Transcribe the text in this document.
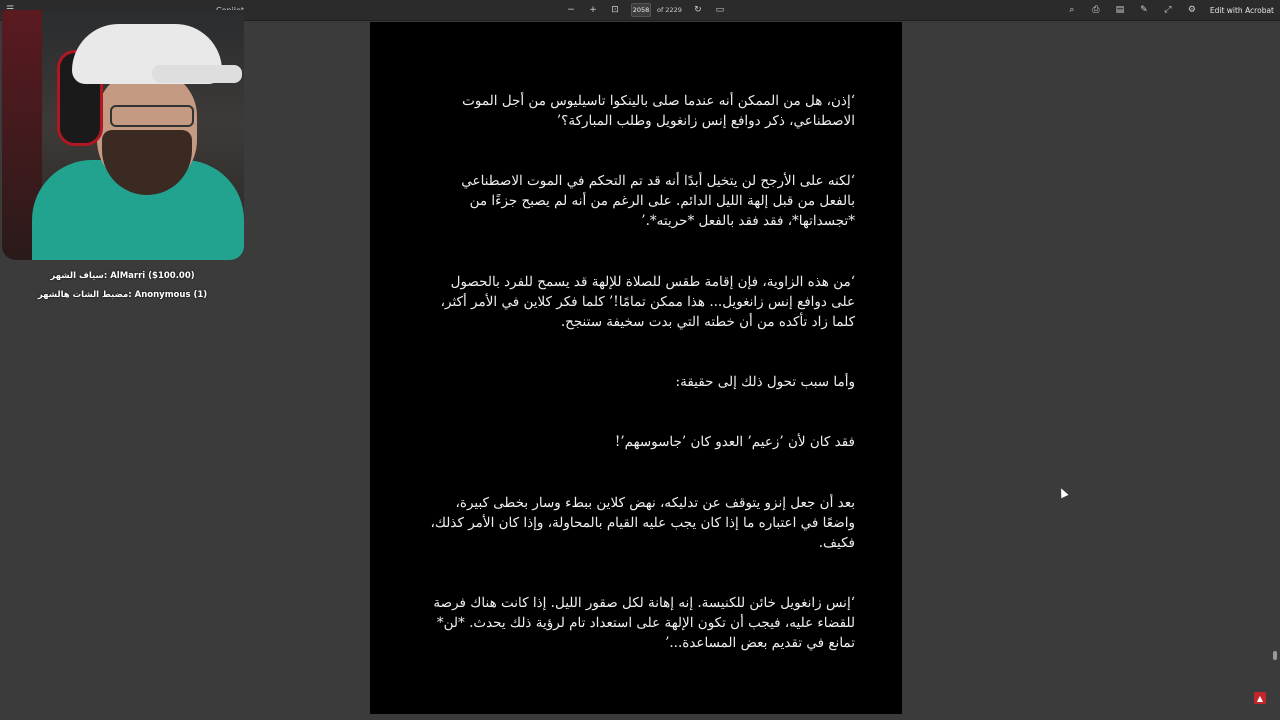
− + ⊡	2058 of 2229 ↻ ▭	⌕	⎙ ▤ ✎ ⤢ ⚙ Edit with Acrobat
سياف الشهر: AlMarri ($100.00)
مضبط الشات هالشهر: Anonymous (1)
‘إذن، هل من الممكن أنه عندما صلى بالينكوا تاسيليوس من أجل الموت الاصطناعي، ذكر دوافع إنس زانغويل وطلب المباركة؟’
‘لكنه على الأرجح لن يتخيل أبدًا أنه قد تم التحكم في الموت الاصطناعي بالفعل من قبل إلهة الليل الدائم. على الرغم من أنه لم يصبح جزءًا من *تجسداتها*، فقد فقد بالفعل *حريته*.’
‘من هذه الزاوية، فإن إقامة طقس للصلاة للإلهة قد يسمح للفرد بالحصول على دوافع إنس زانغويل... هذا ممكن تمامًا!’ كلما فكر كلاين في الأمر أكثر، كلما زاد تأكده من أن خطته التي بدت سخيفة ستنجح.
وأما سبب تحول ذلك إلى حقيقة:
فقد كان لأن ’زعيم’ العدو كان ’جاسوسهم’!
بعد أن جعل إنزو يتوقف عن تدليكه، نهض كلاين ببطء وسار بخطى كبيرة، واضعًا في اعتباره ما إذا كان يجب عليه القيام بالمحاولة، وإذا كان الأمر كذلك، فكيف.
‘إنس زانغويل خائن للكنيسة. إنه إهانة لكل صقور الليل. إذا كانت هناك فرصة للقضاء عليه، فيجب أن تكون الإلهة على استعداد تام لرؤية ذلك يحدث. *لن* تمانع في تقديم بعض المساعدة...’
▲
